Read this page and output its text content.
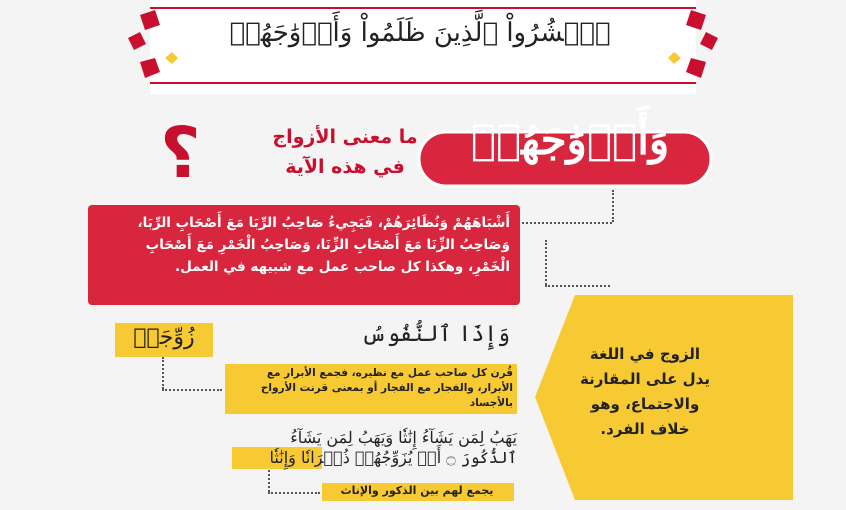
ٱحۡشُرُواْ ٱلَّذِينَ ظَلَمُواْ وَأَزۡوَٰجَهُمۡ
؟	ما معنى الأزواج
في هذه الآية
وَأَزۡوَٰجَهُمۡ
أَشْبَاهَهُمْ وَنُظَائِرَهُمْ، فَيَجِيءُ صَاحِبُ الرِّبَا مَعَ أَصْحَابِ الرِّبَا، وَصَاحِبُ الزِّنَا مَعَ أَصْحَابِ الزِّنَا، وَصَاحِبُ الْخَمْرِ مَعَ أَصْحَابِ الْخَمْرِ، وهكذا كل صاحب عمل مع شبيهه في العمل.
الزوج في اللغة
يدل على المقارنة
والاجتماع، وهو
خلاف الفرد.
زُوِّجَتۡ	وَإِذَا ٱلنُّفُوسُ
قُرن كل صاحب عمل مع نظيره، فجمع الأبرار مع الأبرار، والفجار مع الفجار أو بمعنى قرنت الأرواح بالأجساد
يَهَبُ لِمَن يَشَآءُ إِنَٰثٗا وَيَهَبُ لِمَن يَشَآءُ
ٱلذُّكُورَ ۝ أَوۡ يُزَوِّجُهُمۡ ذُكۡرَانٗا وَإِنَٰثٗا
يجمع لهم بين الذكور والإناث
